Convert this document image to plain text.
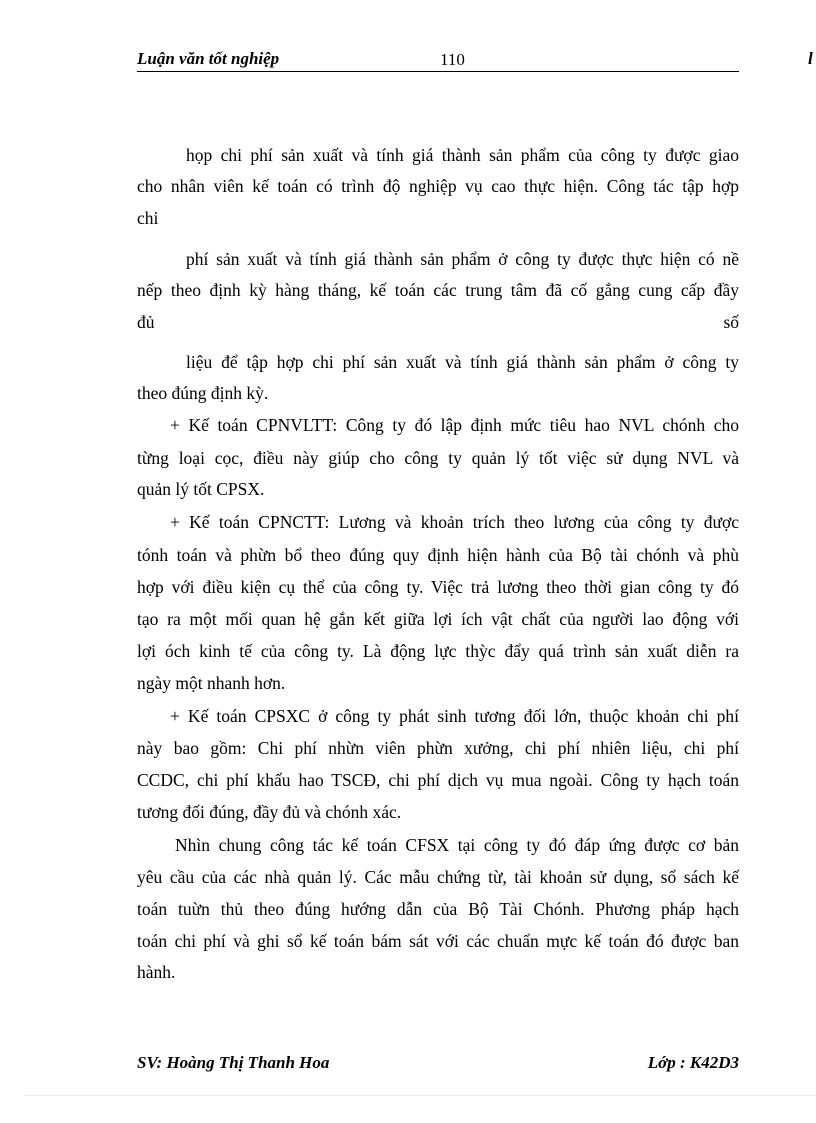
Luận văn tốt nghiệp	110	l
họp chi phí sản xuất và tính giá thành sản phẩm của công ty được giao
cho nhân viên kế toán có trình độ nghiệp vụ cao thực hiện. Công tác tập hợp
chi
phí sản xuất và tính giá thành sản phẩm ở công ty được thực hiện có nề
nếp theo định kỳ hàng tháng, kế toán các trung tâm đã cố gắng cung cấp đầy
đủ số
liệu để tập hợp chi phí sản xuất và tính giá thành sản phẩm ở công ty
theo đúng định kỳ.
+ Kế toán CPNVLTT: Công ty đó lập định mức tiêu hao NVL chónh cho
từng loại cọc, điều này giúp cho công ty quản lý tốt việc sử dụng NVL và
quản lý tốt CPSX.
+ Kế toán CPNCTT: Lương và khoản trích theo lương của công ty được
tónh toán và phừn bổ theo đúng quy định hiện hành của Bộ tài chónh và phù
hợp với điều kiện cụ thể của công ty. Việc trả lương theo thời gian công ty đó
tạo ra một mối quan hệ gắn kết giữa lợi ích vật chất của người lao động với
lợi óch kinh tế của công ty. Là động lực thỳc đẩy quá trình sản xuất diễn ra
ngày một nhanh hơn.
+ Kế toán CPSXC ở công ty phát sinh tương đối lớn, thuộc khoản chi phí
này bao gồm: Chi phí nhừn viên phừn xưởng, chi phí nhiên liệu, chi phí
CCDC, chi phí khấu hao TSCĐ, chi phí dịch vụ mua ngoài. Công ty hạch toán
tương đối đúng, đầy đủ và chónh xác.
Nhìn chung công tác kế toán CFSX tại công ty đó đáp ứng được cơ bản
yêu cầu của các nhà quản lý. Các mẫu chứng từ, tài khoản sử dụng, sổ sách kế
toán tuừn thủ theo đúng hướng dẫn của Bộ Tài Chónh. Phương pháp hạch
toán chi phí và ghi sổ kế toán bám sát với các chuẩn mực kế toán đó được ban
hành.
SV: Hoàng Thị Thanh Hoa	Lớp : K42D3
